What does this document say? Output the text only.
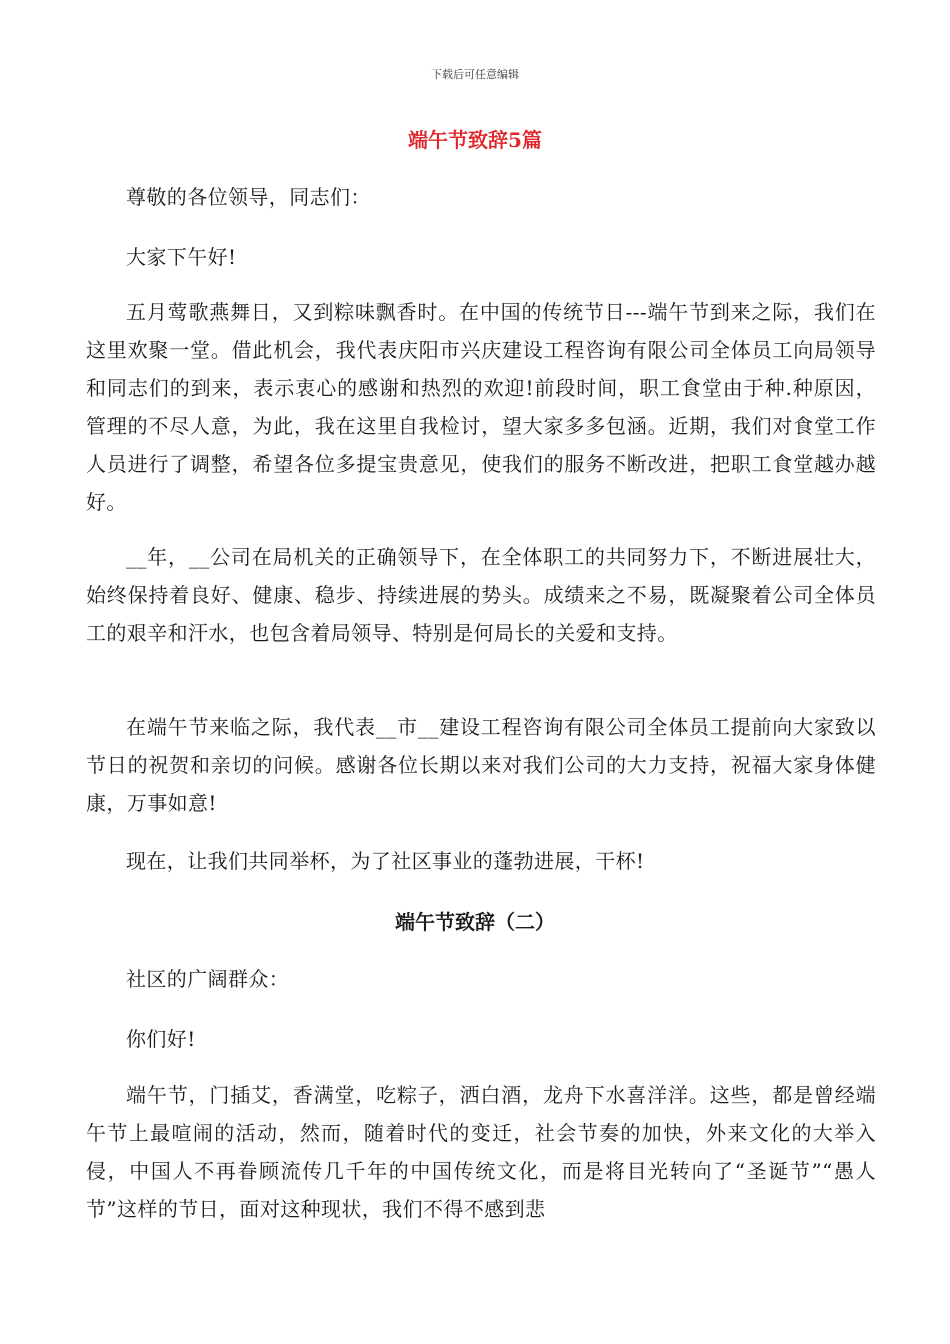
下载后可任意编辑
端午节致辞5篇

尊敬的各位领导，同志们：

大家下午好!

五月莺歌燕舞日，又到粽味飘香时。在中国的传统节日---端午节到来之际，我们在这里欢聚一堂。借此机会，我代表庆阳市兴庆建设工程咨询有限公司全体员工向局领导和同志们的到来，表示衷心的感谢和热烈的欢迎!前段时间，职工食堂由于种.种原因，管理的不尽人意，为此，我在这里自我检讨，望大家多多包涵。近期，我们对食堂工作人员进行了调整，希望各位多提宝贵意见，使我们的服务不断改进，把职工食堂越办越好。

__年，__公司在局机关的正确领导下，在全体职工的共同努力下，不断进展壮大，始终保持着良好、健康、稳步、持续进展的势头。成绩来之不易，既凝聚着公司全体员工的艰辛和汗水，也包含着局领导、特别是何局长的关爱和支持。

在端午节来临之际，我代表__市__建设工程咨询有限公司全体员工提前向大家致以节日的祝贺和亲切的问候。感谢各位长期以来对我们公司的大力支持，祝福大家身体健康，万事如意!

现在，让我们共同举杯，为了社区事业的蓬勃进展，干杯!

端午节致辞（二）

社区的广阔群众：

你们好!

端午节，门插艾，香满堂，吃粽子，洒白酒，龙舟下水喜洋洋。这些，都是曾经端午节上最喧闹的活动，然而，随着时代的变迁，社会节奏的加快，外来文化的大举入侵，中国人不再眷顾流传几千年的中国传统文化，而是将目光转向了“圣诞节”“愚人节”这样的节日，面对这种现状，我们不得不感到悲
